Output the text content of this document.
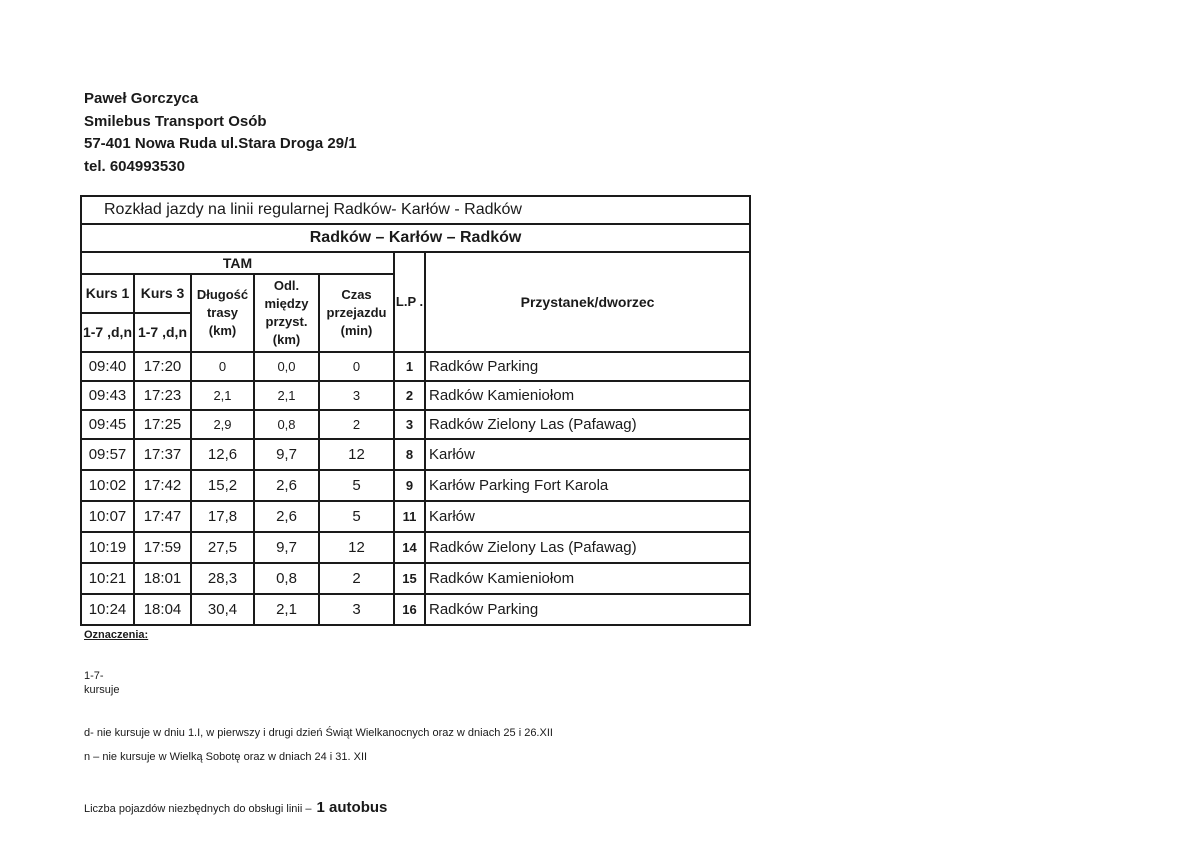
Paweł Gorczyca
Smilebus Transport Osób
57-401 Nowa Ruda ul.Stara Droga 29/1
tel. 604993530
Rozkład jazdy na linii regularnej Radków- Karłów - Radków						
Radków – Karłów – Radków						
TAM					L.P .	Przystanek/dworzec
Kurs 1	Kurs 3	Długość trasy (km)	Odl. między przyst. (km)	Czas przejazdu (min)		
1-7 ,d,n	1-7 ,d,n					
09:40	17:20	0	0,0	0	1	Radków Parking
09:43	17:23	2,1	2,1	3	2	Radków Kamieniołom
09:45	17:25	2,9	0,8	2	3	Radków Zielony Las (Pafawag)
09:57	17:37	12,6	9,7	12	8	Karłów
10:02	17:42	15,2	2,6	5	9	Karłów Parking Fort Karola
10:07	17:47	17,8	2,6	5	11	Karłów
10:19	17:59	27,5	9,7	12	14	Radków Zielony Las (Pafawag)
10:21	18:01	28,3	0,8	2	15	Radków Kamieniołom
10:24	18:04	30,4	2,1	3	16	Radków Parking
Oznaczenia:
1-7-
kursuje
d- nie kursuje w dniu 1.I, w pierwszy i drugi dzień Świąt Wielkanocnych oraz w dniach 25 i 26.XII
n – nie kursuje w Wielką Sobotę oraz w dniach 24 i 31. XII
Liczba pojazdów niezbędnych do obsługi linii – 1 autobus
